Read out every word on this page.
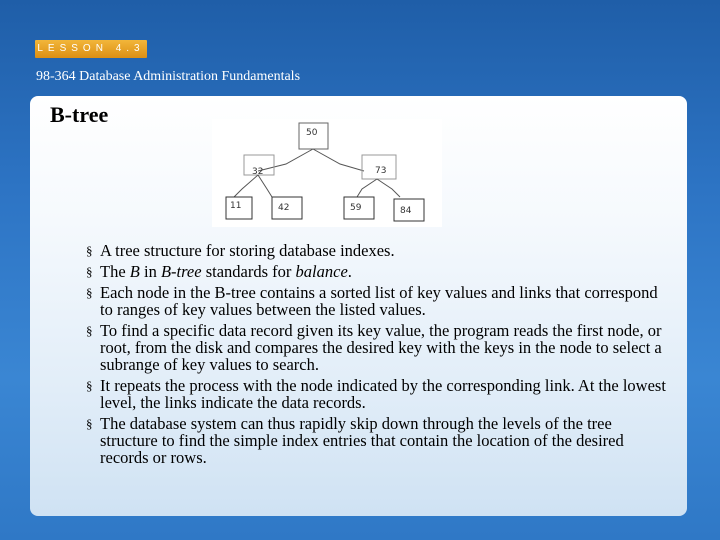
LESSON 4.3
98-364 Database Administration Fundamentals
B-tree
50
32	73
11	42	59	84
§ A tree structure for storing database indexes.
§ The B in B-tree standards for balance.
§ Each node in the B-tree contains a sorted list of key values and links that correspond to ranges of key values between the listed values.
§ To find a specific data record given its key value, the program reads the first node, or root, from the disk and compares the desired key with the keys in the node to select a subrange of key values to search.
§ It repeats the process with the node indicated by the corresponding link. At the lowest level, the links indicate the data records.
§ The database system can thus rapidly skip down through the levels of the tree structure to find the simple index entries that contain the location of the desired records or rows.
